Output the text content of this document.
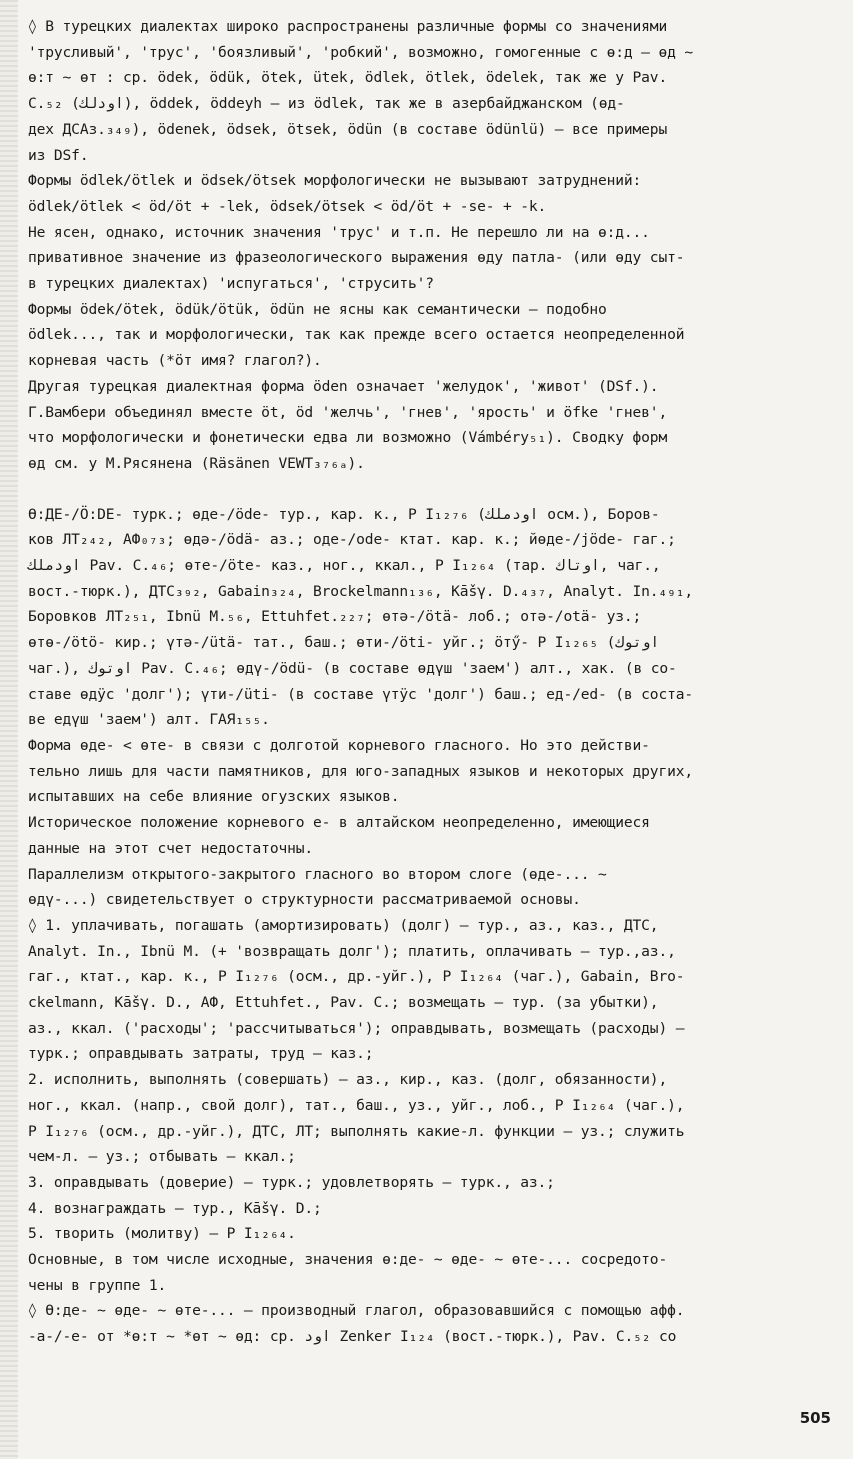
◊ В турецких диалектах широко распространены различные формы со значениями
'трусливый', 'трус', 'боязливый', 'робкий', возможно, гомогенные с ө:д – өд ~
ө:т ~ өт : ср. ödek, ödük, ötek, ütek, ödlek, ötlek, ödelek, так же у Pav.
C.₅₂ (اودلك), öddek, öddeyh – из ödlek, так же в азербайджанском (өд-
дех ДСАз.₃₄₉), ödenek, ödsek, ötsek, ödün (в составе ödünlü) – все примеры
из DSf.
Формы ödlek/ötlek и ödsek/ötsek морфологически не вызывают затруднений:
ödlek/ötlek < öd/öt + -lek, ödsek/ötsek < öd/öt + -se- + -k.
Не ясен, однако, источник значения 'трус' и т.п. Не перешло ли на ө:д...
привативное значение из фразеологического выражения өду патла- (или өду сыт-
в турецких диалектах) 'испугаться', 'струсить'?
Формы ödek/ötek, ödük/ötük, ödün не ясны как семантически – подобно
ödlek..., так и морфологически, так как прежде всего остается неопределенной
корневая часть (*öт имя? глагол?).
Другая турецкая диалектная форма öden означает 'желудок', 'живот' (DSf.).
Г.Вамбери объединял вместе öt, öd 'желчь', 'гнев', 'ярость' и öfke 'гнев',
что морфологически и фонетически едва ли возможно (Vámbéry₅₁). Сводку форм
өд см. у М.Рясянена (Räsänen VEWT₃₇₆ₐ).
Ө:ДЕ-/Ö:DE- турк.; өде-/öde- тур., кар. к., Р I₁₂₇₆ (اودملك осм.), Боров-
ков ЛТ₂₄₂, АФ₀₇₃; өдә-/ödä- аз.; оде-/ode- ктат. кар. к.; йөде-/jöde- гаг.;
اودملك Pav. C.₄₆; өте-/öte- каз., ног., ккал., Р I₁₂₆₄ (тар. اوتاك, чаг.,
вост.-тюрк.), ДТС₃₉₂, Gabain₃₂₄, Brockelmann₁₃₆, Kāšγ. D.₄₃₇, Analyt. In.₄₉₁,
Боровков ЛТ₂₅₁, Ibnü M.₅₆, Ettuhfet.₂₂₇; өтә-/ötä- лоб.; отә-/otä- уз.;
өтө-/ötö- кир.; үтә-/ütä- тат., баш.; өти-/öti- уйг.; öтӳ- Р I₁₂₆₅ (اوتوك
чаг.), اوتوك Pav. C.₄₆; өдү-/ödü- (в составе өдүш 'заем') алт., хак. (в со-
ставе өдӱс 'долг'); үти-/üti- (в составе үтӱс 'долг') баш.; ед-/ed- (в соста-
ве едүш 'заем') алт. ГАЯ₁₅₅.
Форма өде- < өте- в связи с долготой корневого гласного. Но это действи-
тельно лишь для части памятников, для юго-западных языков и некоторых других,
испытавших на себе влияние огузских языков.
Историческое положение корневого е- в алтайском неопределенно, имеющиеся
данные на этот счет недостаточны.
Параллелизм открытого-закрытого гласного во втором слоге (өде-... ~
өдү-...) свидетельствует о структурности рассматриваемой основы.
◊ 1. уплачивать, погашать (амортизировать) (долг) – тур., аз., каз., ДТС,
Analyt. In., Ibnü M. (+ 'возвращать долг'); платить, оплачивать – тур.,аз.,
гаг., ктат., кар. к., Р I₁₂₇₆ (осм., др.-уйг.), Р I₁₂₆₄ (чаг.), Gabain, Bro-
ckelmann, Kāšγ. D., АФ, Ettuhfet., Pav. C.; возмещать – тур. (за убытки),
аз., ккал. ('расходы'; 'рассчитываться'); оправдывать, возмещать (расходы) –
турк.; оправдывать затраты, труд – каз.;
2. исполнить, выполнять (совершать) – аз., кир., каз. (долг, обязанности),
ног., ккал. (напр., свой долг), тат., баш., уз., уйг., лоб., Р I₁₂₆₄ (чаг.),
Р I₁₂₇₆ (осм., др.-уйг.), ДТС, ЛТ; выполнять какие-л. функции – уз.; служить
чем-л. – уз.; отбывать – ккал.;
3. оправдывать (доверие) – турк.; удовлетворять – турк., аз.;
4. вознаграждать – тур., Kāšγ. D.;
5. творить (молитву) – Р I₁₂₆₄.
Основные, в том числе исходные, значения ө:де- ~ өде- ~ өте-... сосредото-
чены в группе 1.
◊ Ө:де- ~ өде- ~ өте-... – производный глагол, образовавшийся с помощью афф.
-а-/-е- от *ө:т ~ *өт ~ өд: ср. اود Zenker I₁₂₄ (вост.-тюрк.), Pav. C.₅₂ со
505
